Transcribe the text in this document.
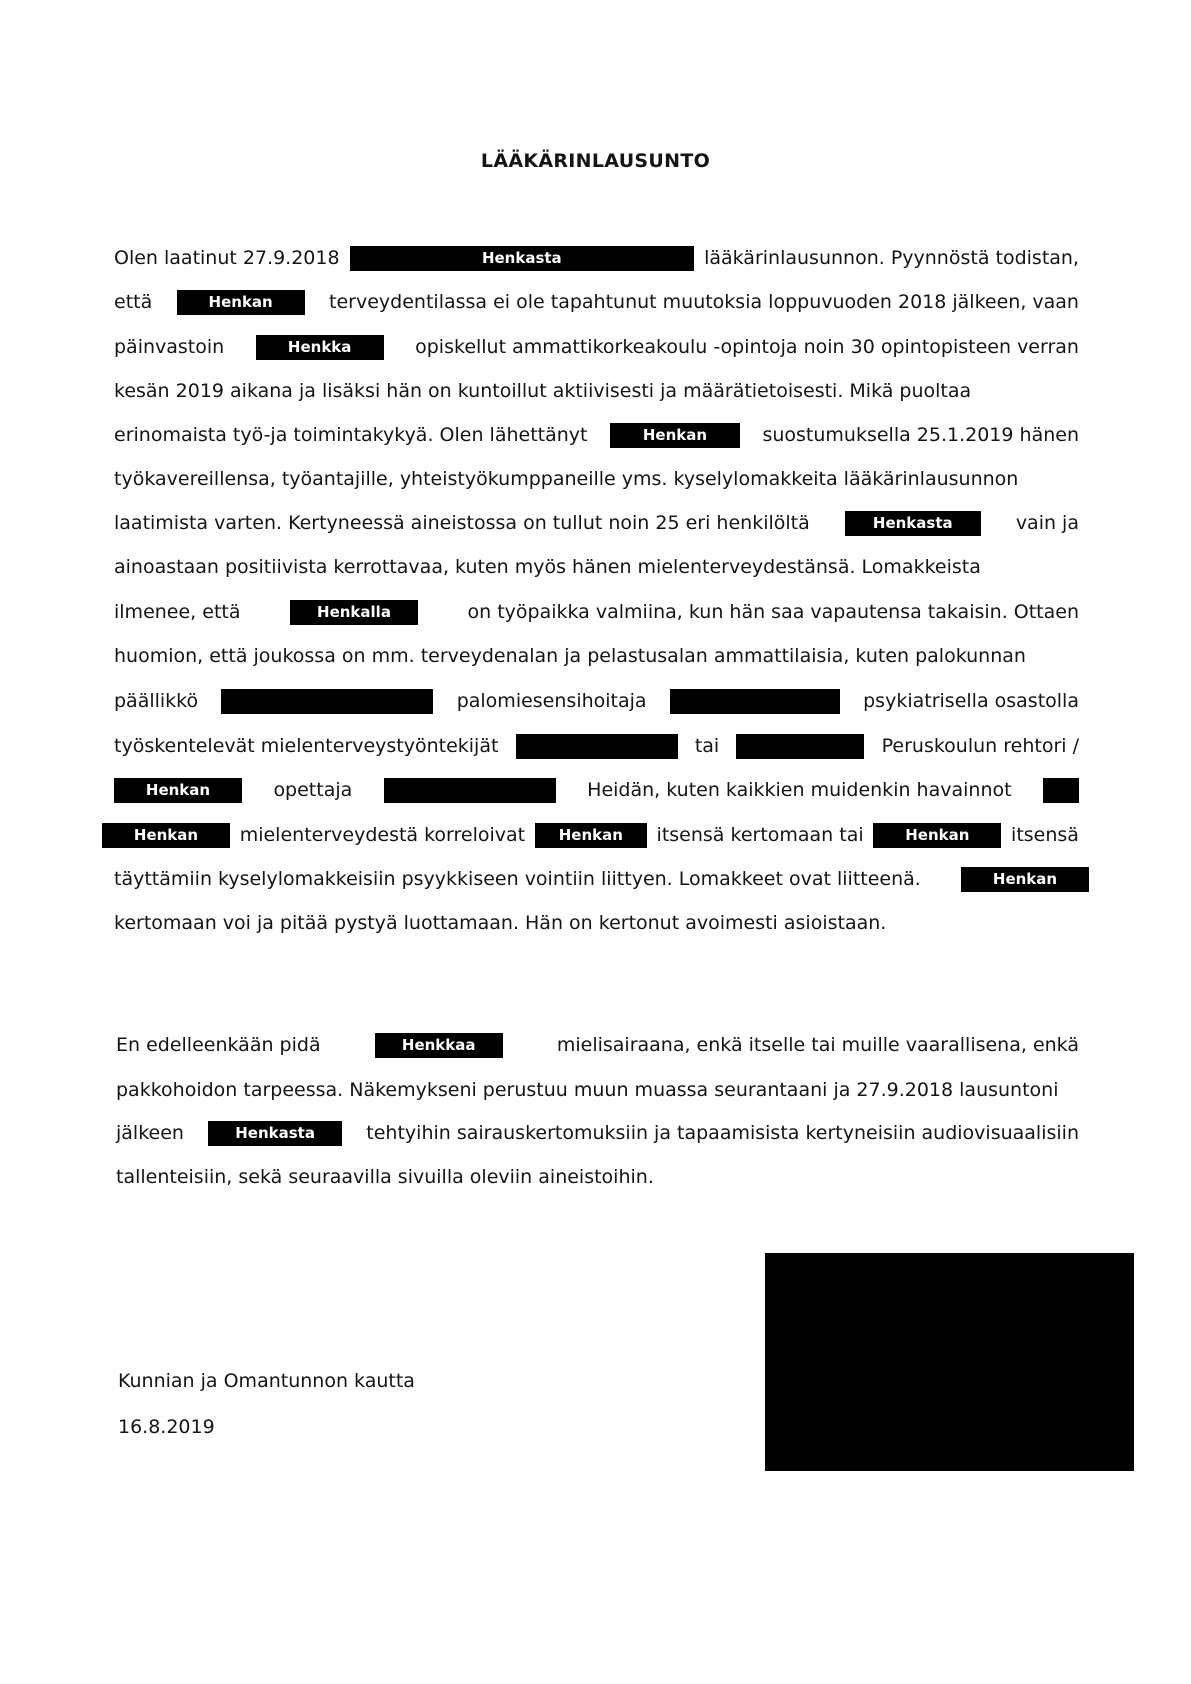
LÄÄKÄRINLAUSUNTO
Olen laatinut 27.9.2018	Henkasta	lääkärinlausunnon. Pyynnöstä todistan,
että	Henkan	terveydentilassa ei ole tapahtunut muutoksia loppuvuoden 2018 jälkeen, vaan
päinvastoin	Henkka	opiskellut ammattikorkeakoulu -opintoja noin 30 opintopisteen verran
kesän 2019 aikana ja lisäksi hän on kuntoillut aktiivisesti ja määrätietoisesti. Mikä puoltaa
erinomaista työ-ja toimintakykyä. Olen lähettänyt	Henkan	suostumuksella 25.1.2019 hänen
työkavereillensa, työantajille, yhteistyökumppaneille yms. kyselylomakkeita lääkärinlausunnon
laatimista varten. Kertyneessä aineistossa on tullut noin 25 eri henkilöltä	Henkasta	vain ja
ainoastaan positiivista kerrottavaa, kuten myös hänen mielenterveydestänsä. Lomakkeista
ilmenee, että	Henkalla	on työpaikka valmiina, kun hän saa vapautensa takaisin. Ottaen
huomion, että joukossa on mm. terveydenalan ja pelastusalan ammattilaisia, kuten palokunnan
päällikkö	palomiesensihoitaja	psykiatrisella osastolla
työskentelevät mielenterveystyöntekijät	tai	Peruskoulun rehtori /
Henkan	opettaja	Heidän, kuten kaikkien muidenkin havainnot
Henkan	mielenterveydestä korreloivat	Henkan	itsensä kertomaan tai	Henkan	itsensä
täyttämiin kyselylomakkeisiin psyykkiseen vointiin liittyen. Lomakkeet ovat liitteenä.	Henkan
kertomaan voi ja pitää pystyä luottamaan. Hän on kertonut avoimesti asioistaan.
En edelleenkään pidä	Henkkaa	mielisairaana, enkä itselle tai muille vaarallisena, enkä
pakkohoidon tarpeessa. Näkemykseni perustuu muun muassa seurantaani ja 27.9.2018 lausuntoni
jälkeen	Henkasta	tehtyihin sairauskertomuksiin ja tapaamisista kertyneisiin audiovisuaalisiin
tallenteisiin, sekä seuraavilla sivuilla oleviin aineistoihin.
Kunnian ja Omantunnon kautta
16.8.2019
